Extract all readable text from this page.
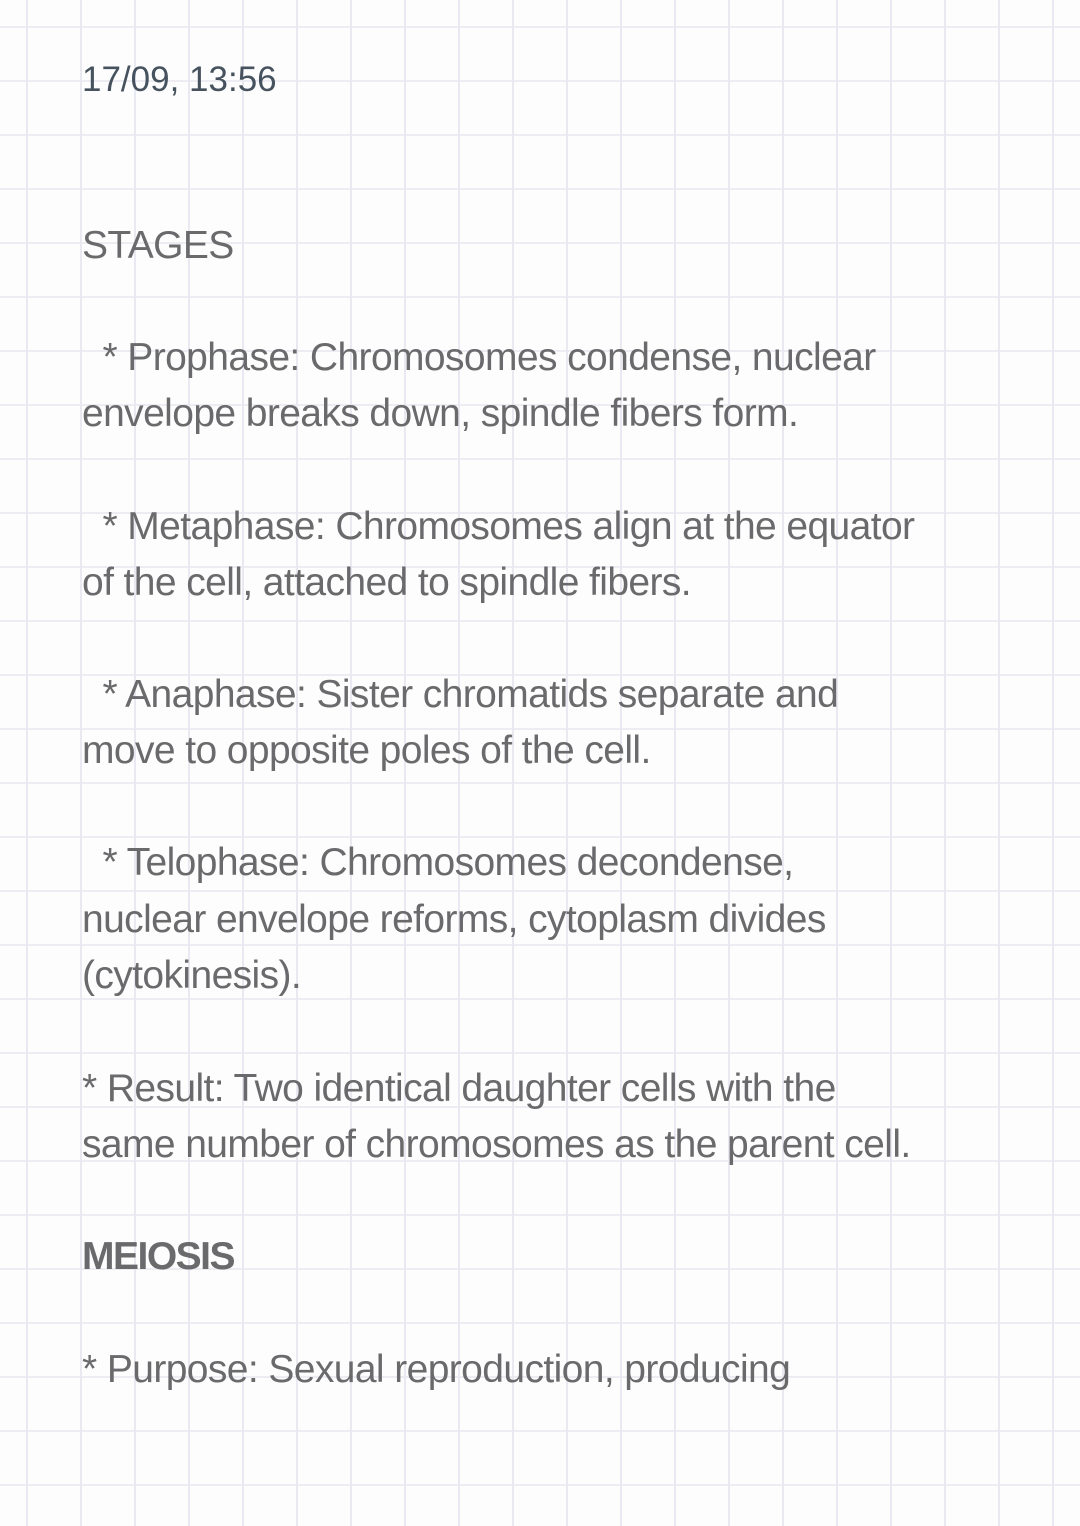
17/09, 13:56
STAGES
* Prophase: Chromosomes condense, nuclear
envelope breaks down, spindle fibers form.
* Metaphase: Chromosomes align at the equator
of the cell, attached to spindle fibers.
* Anaphase: Sister chromatids separate and
move to opposite poles of the cell.
* Telophase: Chromosomes decondense,
nuclear envelope reforms, cytoplasm divides
(cytokinesis).
* Result: Two identical daughter cells with the
same number of chromosomes as the parent cell.
MEIOSIS
* Purpose: Sexual reproduction, producing
